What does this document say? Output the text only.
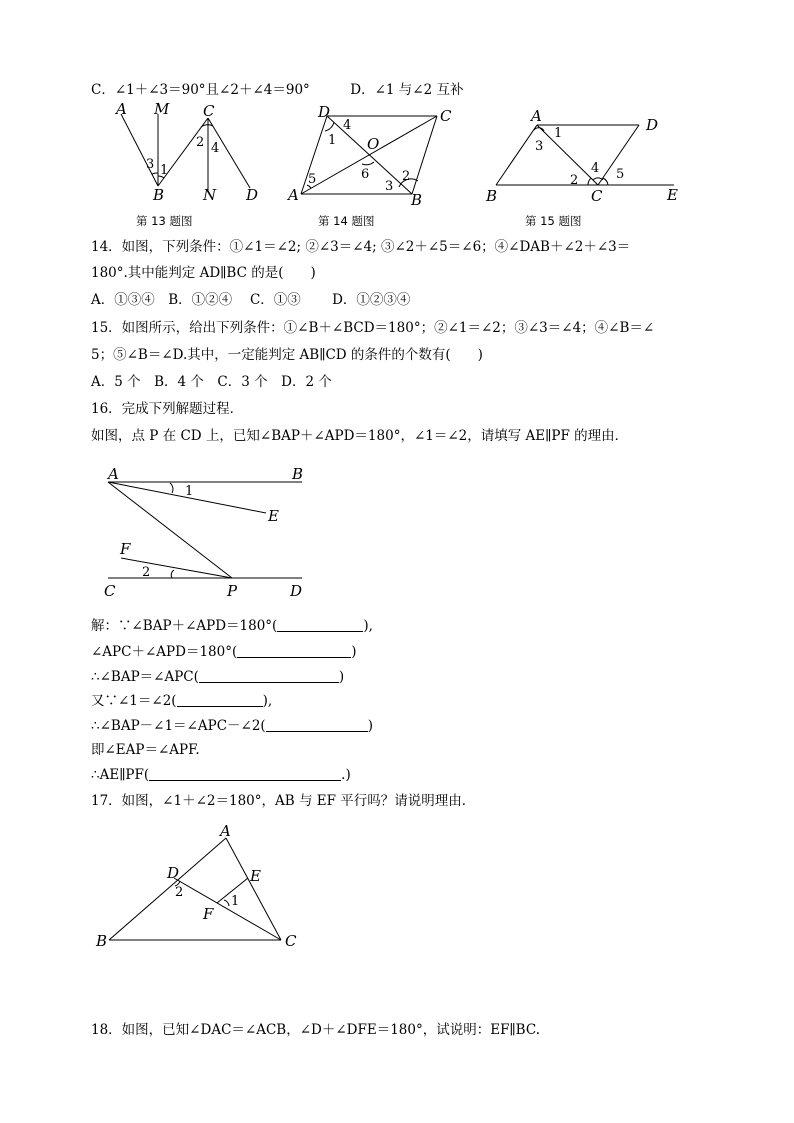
C．∠1＋∠3＝90°且∠2＋∠4＝90°　　　D．∠1 与∠2 互补
A M C
B	N D
3 1
2 4
第 13 题图
D	C
A	B
O
1
4
5	6
3
2
第 14 题图
A	D
B	C	E
1
3
4
2	5
第 15 题图
14．如图，下列条件：①∠1＝∠2; ②∠3＝∠4; ③∠2＋∠5＝∠6；④∠DAB＋∠2＋∠3＝
180°.其中能判定 AD∥BC 的是(　　)
A．①③④　B．①②④　 C．①③　　 D．①②③④
15．如图所示，给出下列条件：①∠B＋∠BCD＝180°；②∠1＝∠2；③∠3＝∠4；④∠B＝∠
5；⑤∠B＝∠D.其中，一定能判定 AB∥CD 的条件的个数有(　　)
A．5 个　B．4 个　C．3 个　D．2 个
16．完成下列解题过程．
如图，点 P 在 CD 上，已知∠BAP＋∠APD＝180°，∠1＝∠2，请填写 AE∥PF 的理由．
A	B
E
F
C	P	D
1
2
解：∵∠BAP＋∠APD＝180°(	),
∠APC＋∠APD＝180°(	)
∴∠BAP＝∠APC(	)
又∵∠1＝∠2(	),
∴∠BAP－∠1＝∠APC－∠2(	)
即∠EAP＝∠APF.
∴AE∥PF(	.)
17．如图，∠1＋∠2＝180°，AB 与 EF 平行吗？请说明理由．
A
D	E
F
B	C
2
1
18．如图，已知∠DAC＝∠ACB，∠D＋∠DFE＝180°，试说明：EF∥BC.
